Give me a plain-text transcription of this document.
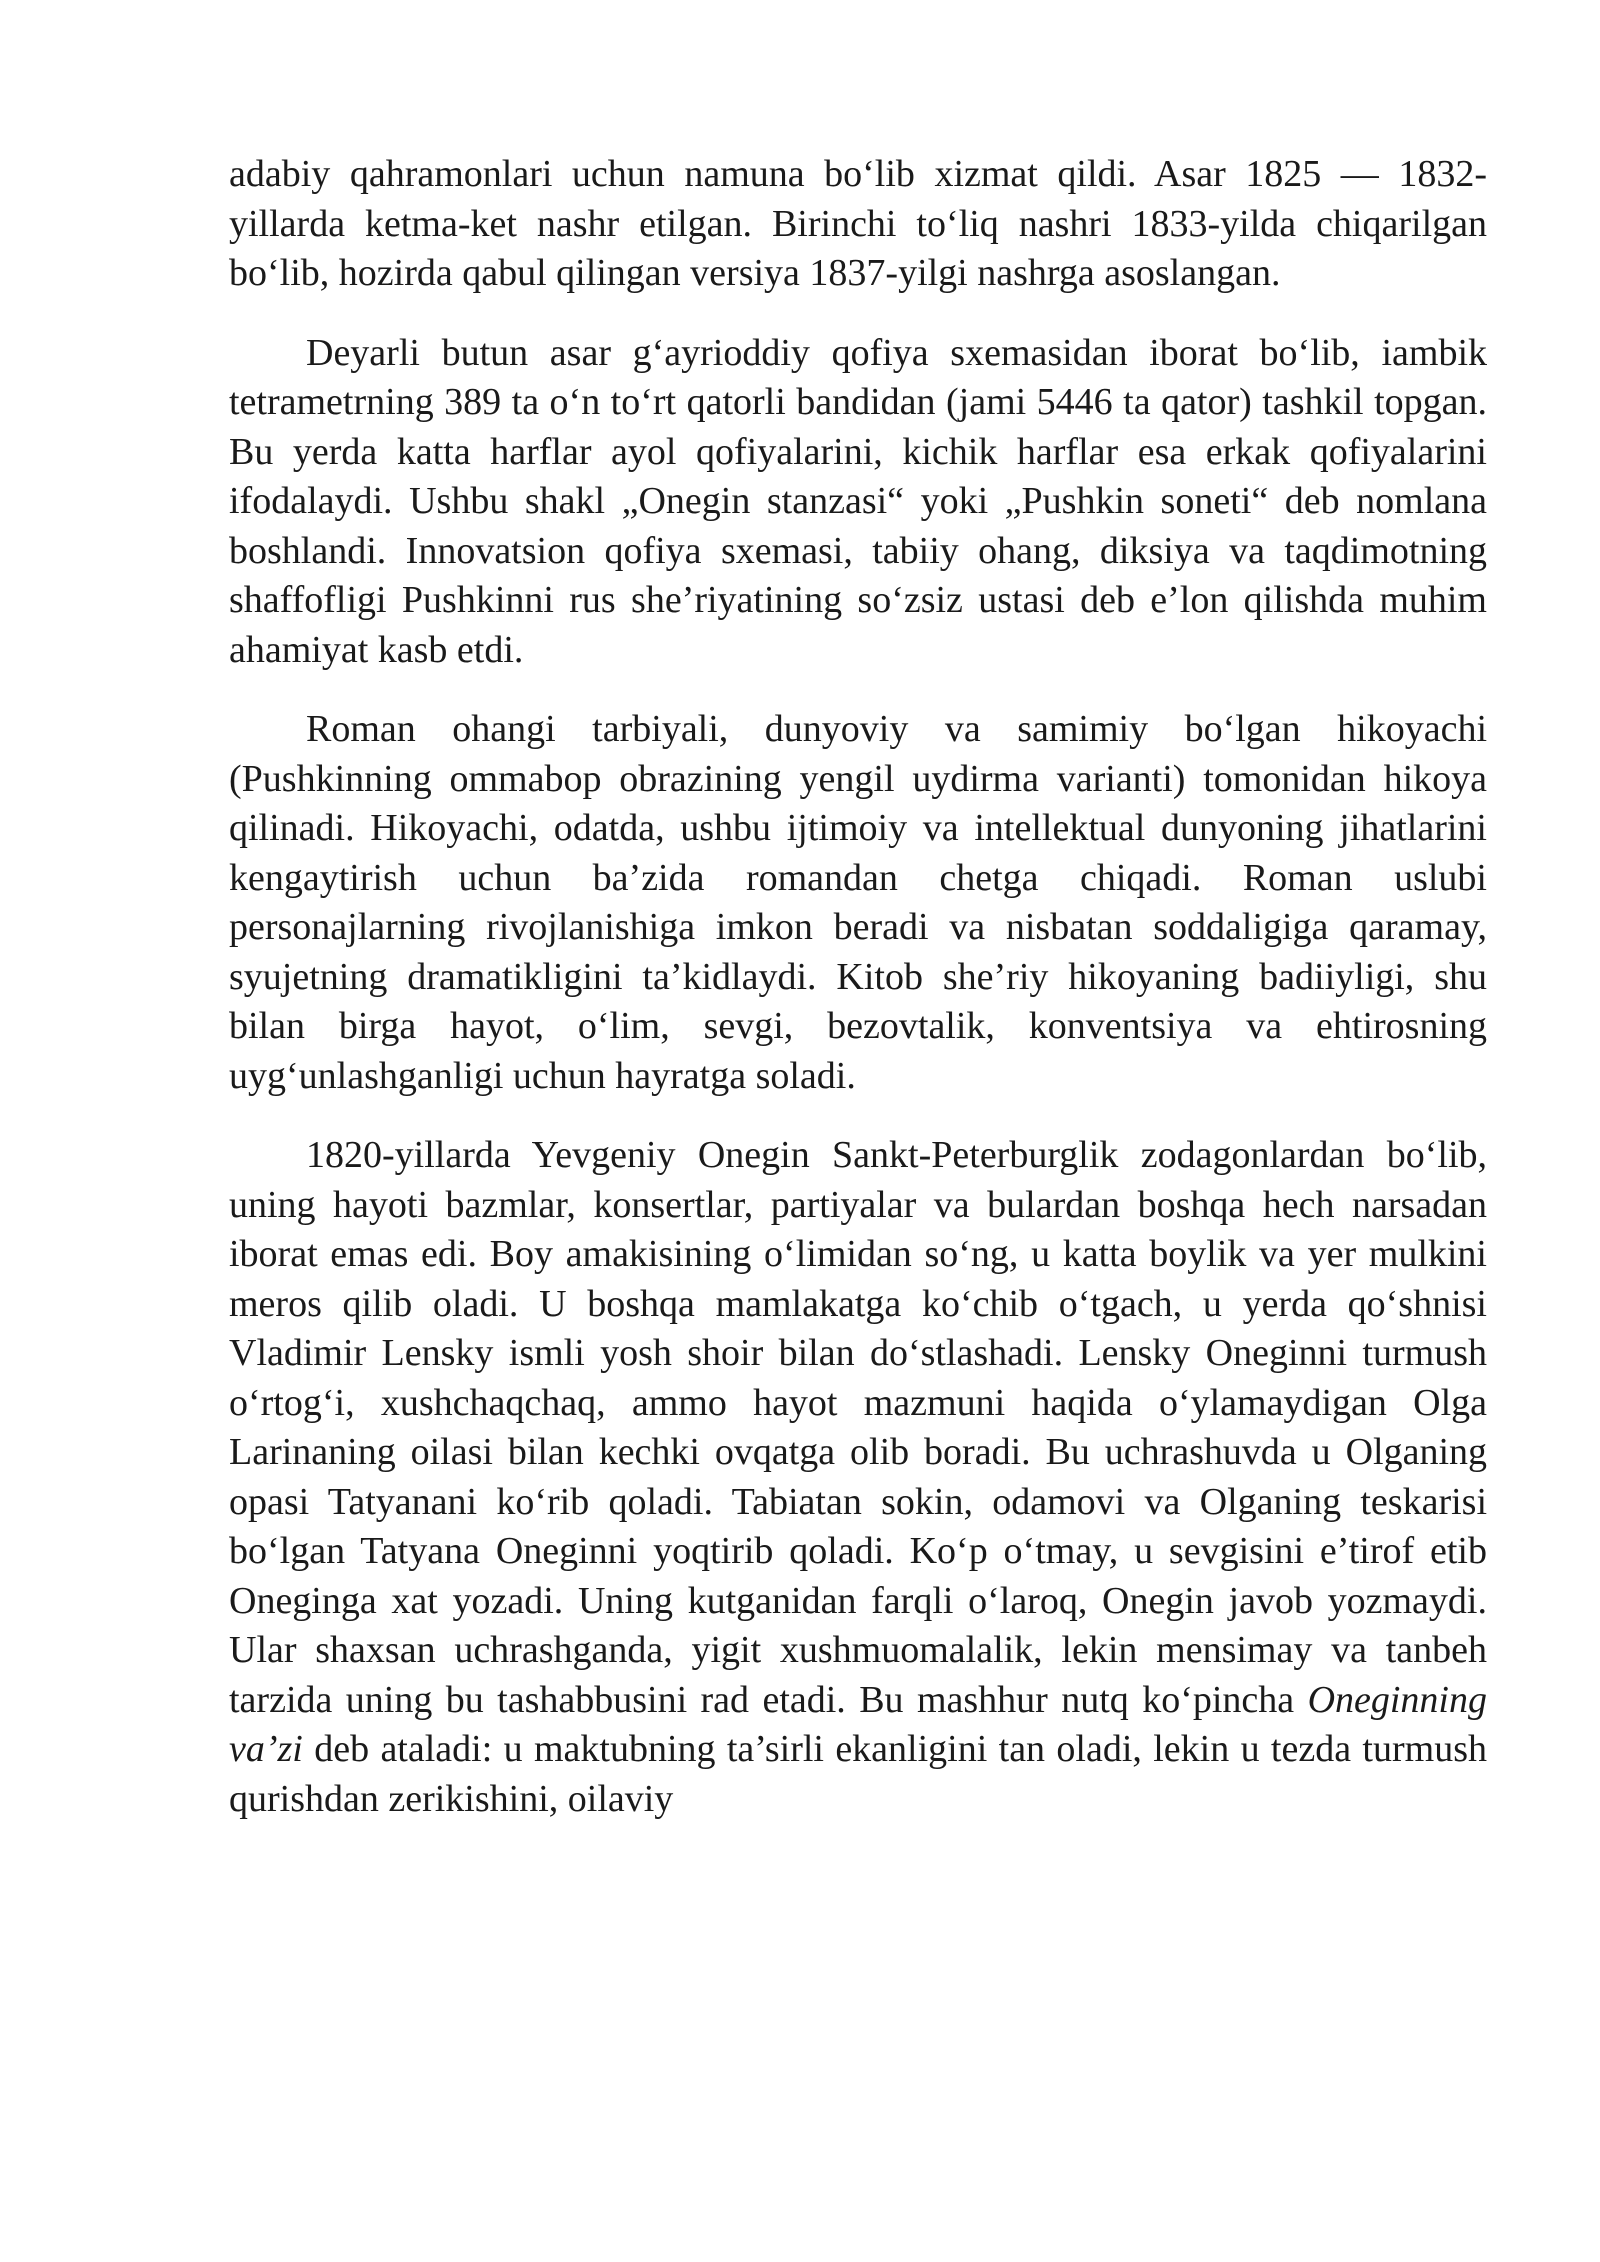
adabiy qahramonlari uchun namuna bo‘lib xizmat qildi. Asar 1825 — 1832-yillarda ketma-ket nashr etilgan. Birinchi to‘liq nashri 1833-yilda chiqarilgan bo‘lib, hozirda qabul qilingan versiya 1837-yilgi nashrga asoslangan.

Deyarli butun asar g‘ayrioddiy qofiya sxemasidan iborat bo‘lib, iambik tetrametrning 389 ta o‘n to‘rt qatorli bandidan (jami 5446 ta qator) tashkil topgan. Bu yerda katta harflar ayol qofiyalarini, kichik harflar esa erkak qofiyalarini ifodalaydi. Ushbu shakl „Onegin stanzasi“ yoki „Pushkin soneti“ deb nomlana boshlandi. Innovatsion qofiya sxemasi, tabiiy ohang, diksiya va taqdimotning shaffofligi Pushkinni rus she’riyatining so‘zsiz ustasi deb e’lon qilishda muhim ahamiyat kasb etdi.

Roman ohangi tarbiyali, dunyoviy va samimiy bo‘lgan hikoyachi (Pushkinning ommabop obrazining yengil uydirma varianti) tomonidan hikoya qilinadi. Hikoyachi, odatda, ushbu ijtimoiy va intellektual dunyoning jihatlarini kengaytirish uchun ba’zida romandan chetga chiqadi. Roman uslubi personajlarning rivojlanishiga imkon beradi va nisbatan soddaligiga qaramay, syujetning dramatikligini ta’kidlaydi. Kitob she’riy hikoyaning badiiyligi, shu bilan birga hayot, o‘lim, sevgi, bezovtalik, konventsiya va ehtirosning uyg‘unlashganligi uchun hayratga soladi.

1820-yillarda Yevgeniy Onegin Sankt-Peterburglik zodagonlardan bo‘lib, uning hayoti bazmlar, konsertlar, partiyalar va bulardan boshqa hech narsadan iborat emas edi. Boy amakisining o‘limidan so‘ng, u katta boylik va yer mulkini meros qilib oladi. U boshqa mamlakatga ko‘chib o‘tgach, u yerda qo‘shnisi Vladimir Lensky ismli yosh shoir bilan do‘stlashadi. Lensky Oneginni turmush o‘rtog‘i, xushchaqchaq, ammo hayot mazmuni haqida o‘ylamaydigan Olga Larinaning oilasi bilan kechki ovqatga olib boradi. Bu uchrashuvda u Olganing opasi Tatyanani ko‘rib qoladi. Tabiatan sokin, odamovi va Olganing teskarisi bo‘lgan Tatyana Oneginni yoqtirib qoladi. Ko‘p o‘tmay, u sevgisini e’tirof etib Oneginga xat yozadi. Uning kutganidan farqli o‘laroq, Onegin javob yozmaydi. Ular shaxsan uchrashganda, yigit xushmuomalalik, lekin mensimay va tanbeh tarzida uning bu tashabbusini rad etadi. Bu mashhur nutq ko‘pincha Oneginning va’zi deb ataladi: u maktubning ta’sirli ekanligini tan oladi, lekin u tezda turmush qurishdan zerikishini, oilaviy
